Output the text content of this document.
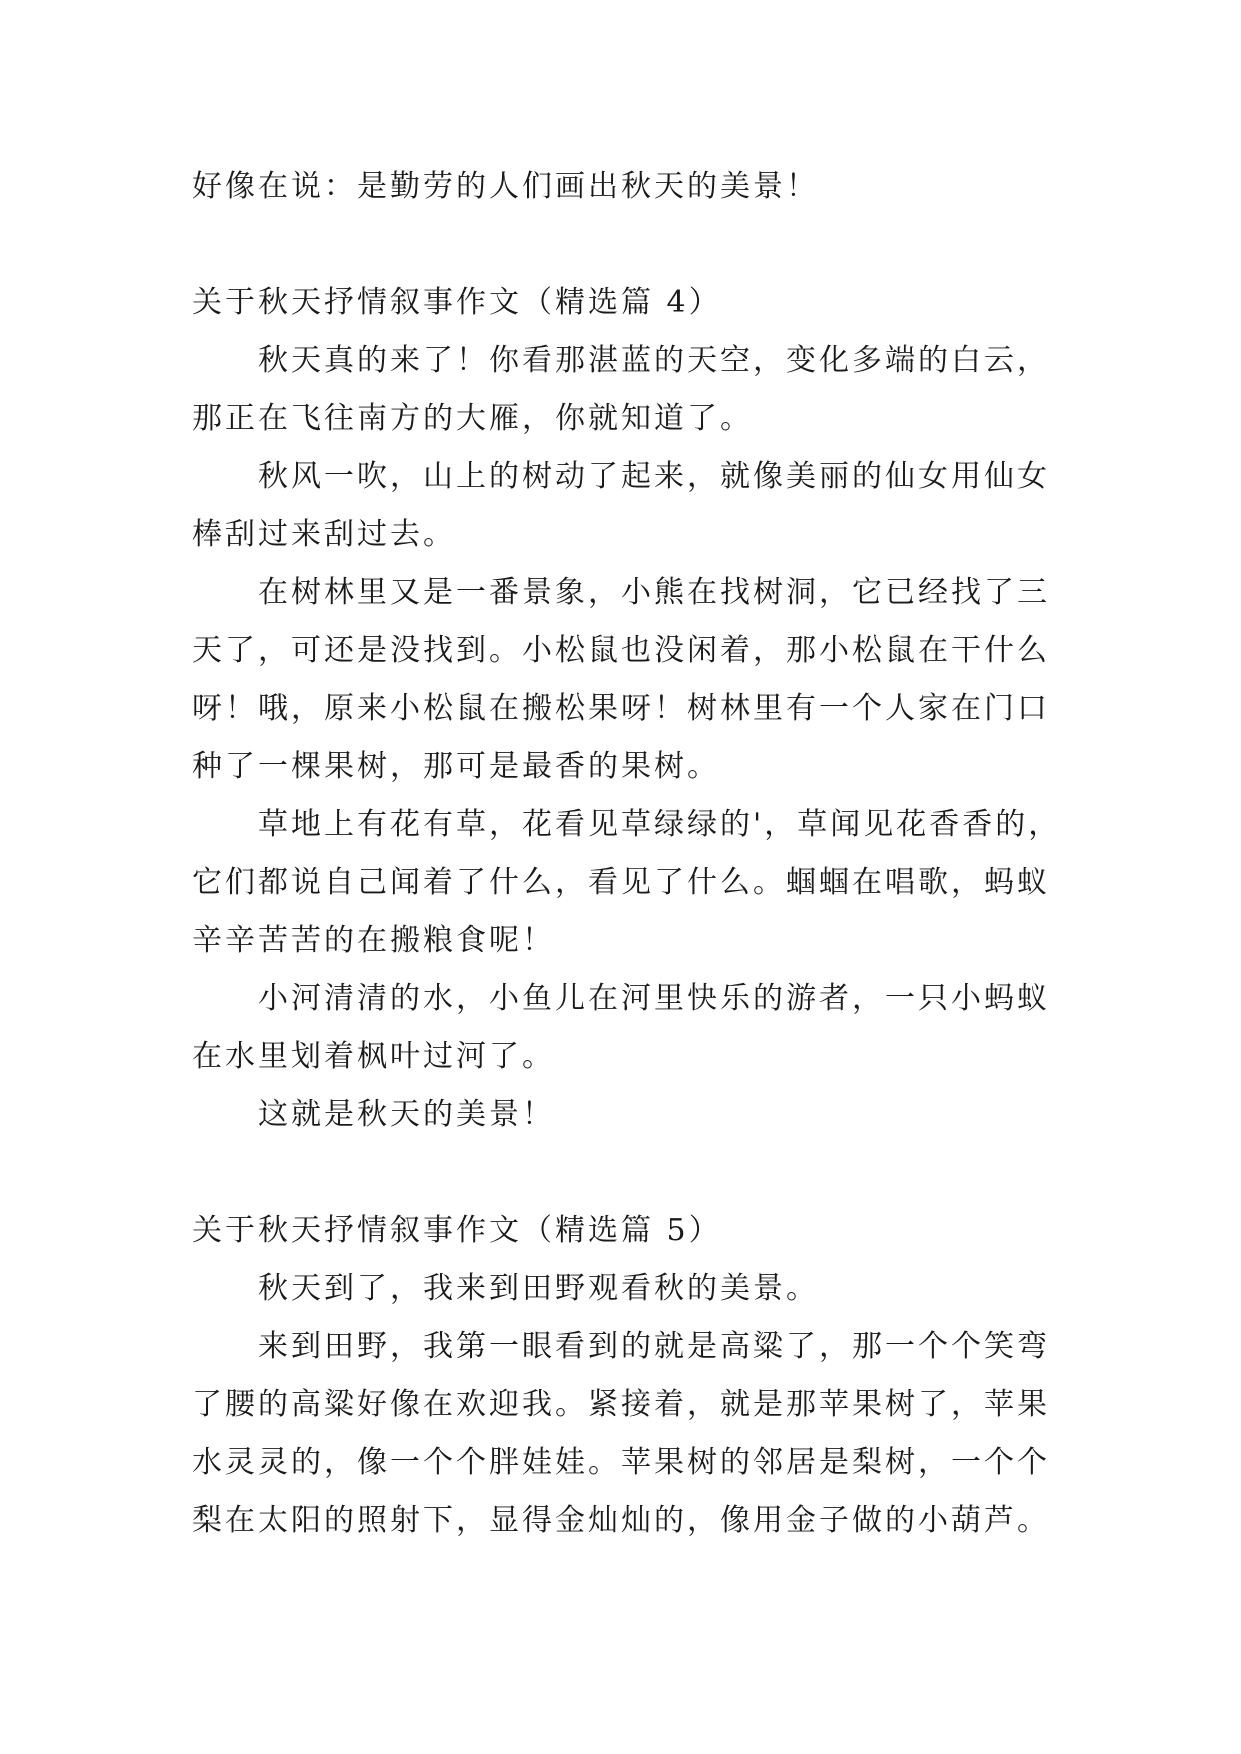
好像在说：是勤劳的人们画出秋天的美景！
关于秋天抒情叙事作文（精选篇 4）
秋天真的来了！你看那湛蓝的天空，变化多端的白云，
那正在飞往南方的大雁，你就知道了。
秋风一吹，山上的树动了起来，就像美丽的仙女用仙女
棒刮过来刮过去。
在树林里又是一番景象，小熊在找树洞，它已经找了三
天了，可还是没找到。小松鼠也没闲着，那小松鼠在干什么
呀！哦，原来小松鼠在搬松果呀！树林里有一个人家在门口
种了一棵果树，那可是最香的果树。
草地上有花有草，花看见草绿绿的'，草闻见花香香的，
它们都说自己闻着了什么，看见了什么。蝈蝈在唱歌，蚂蚁
辛辛苦苦的在搬粮食呢！
小河清清的水，小鱼儿在河里快乐的游者，一只小蚂蚁
在水里划着枫叶过河了。
这就是秋天的美景！
关于秋天抒情叙事作文（精选篇 5）
秋天到了，我来到田野观看秋的美景。
来到田野，我第一眼看到的就是高粱了，那一个个笑弯
了腰的高粱好像在欢迎我。紧接着，就是那苹果树了，苹果
水灵灵的，像一个个胖娃娃。苹果树的邻居是梨树，一个个
梨在太阳的照射下，显得金灿灿的，像用金子做的小葫芦。
